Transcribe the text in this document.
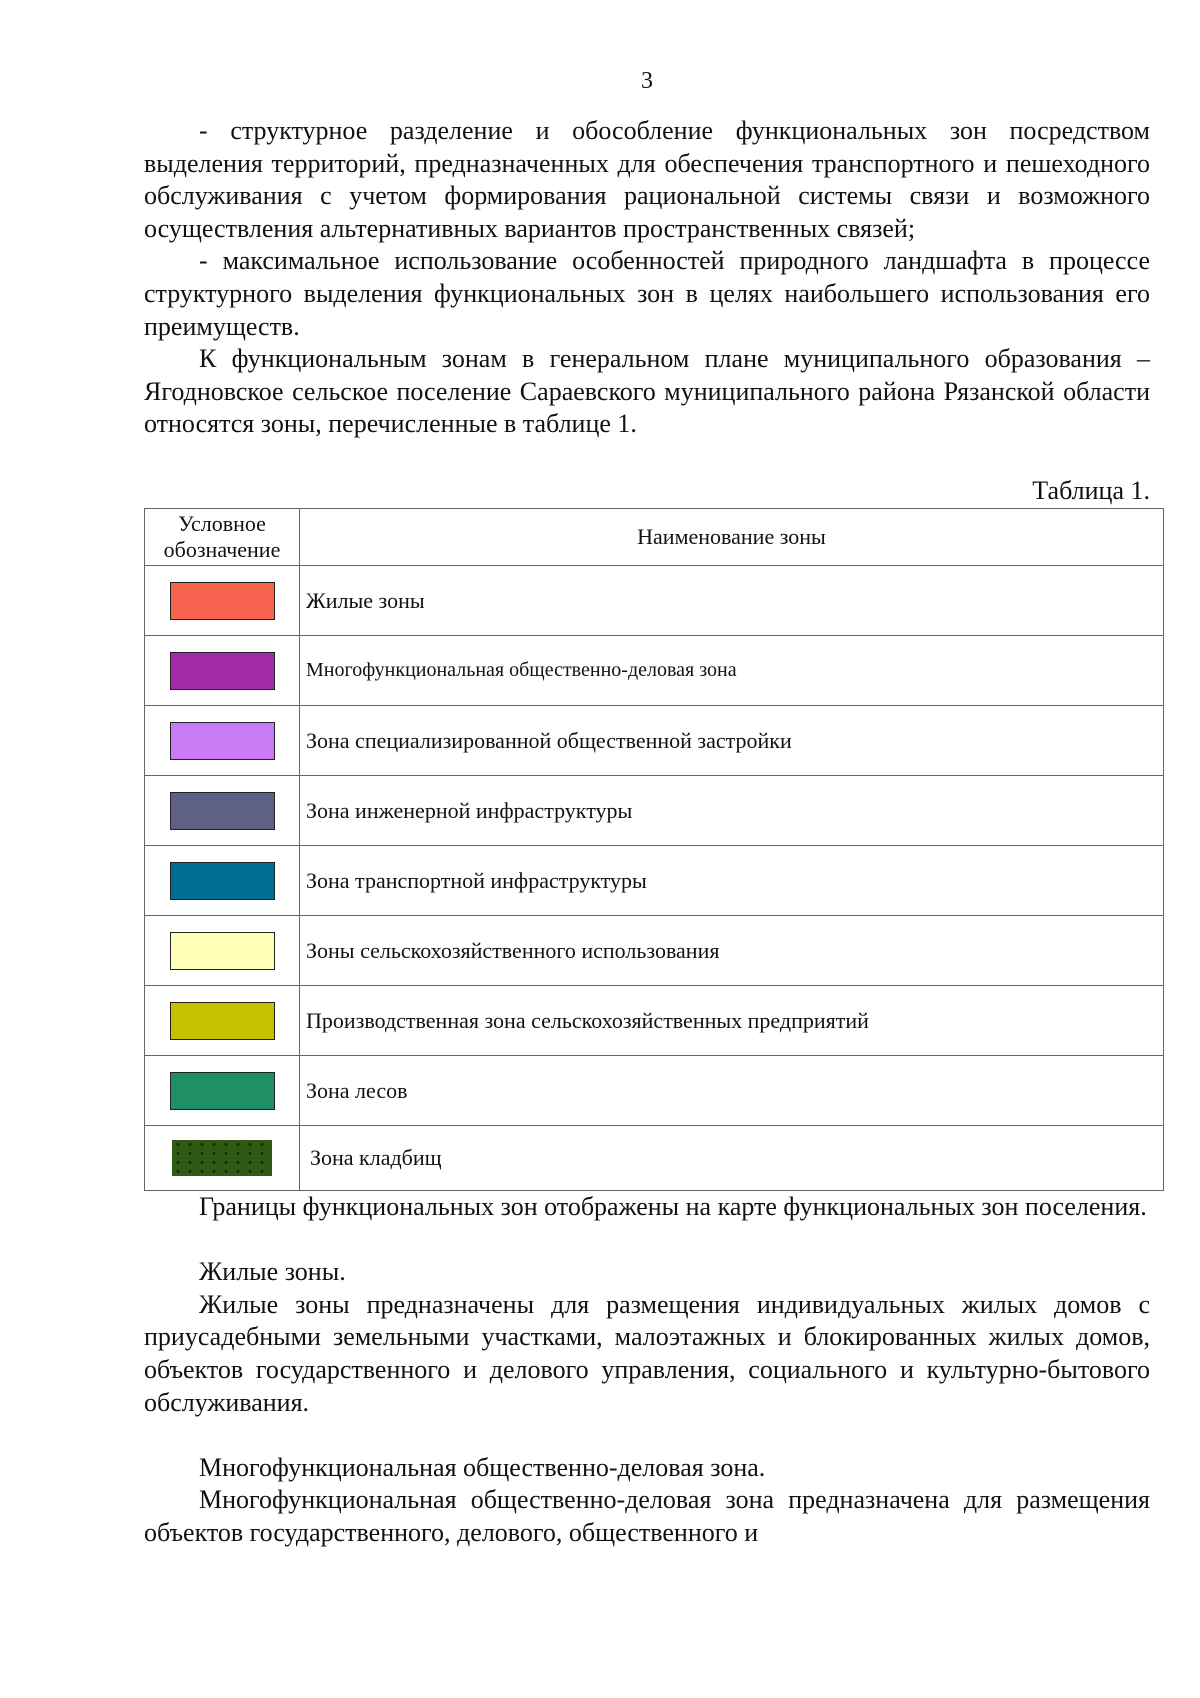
3

- структурное разделение и обособление функциональных зон посредством выделения территорий, предназначенных для обеспечения транспортного и пешеходного обслуживания с учетом формирования рациональной системы связи и возможного осуществления альтернативных вариантов пространственных связей;

- максимальное использование особенностей природного ландшафта в процессе структурного выделения функциональных зон в целях наибольшего использования его преимуществ.

К функциональным зонам в генеральном плане муниципального образования – Ягодновское сельское поселение Сараевского муниципального района Рязанской области относятся зоны, перечисленные в таблице 1.

Таблица 1.
Условное
обозначение	Наименование зоны
	Жилые зоны
	Многофункциональная общественно-деловая зона
	Зона специализированной общественной застройки
	Зона инженерной инфраструктуры
	Зона транспортной инфраструктуры
	Зоны сельскохозяйственного использования
	Производственная зона сельскохозяйственных предприятий
	Зона лесов
	Зона кладбищ

Границы функциональных зон отображены на карте функциональных зон поселения.

Жилые зоны.

Жилые зоны предназначены для размещения индивидуальных жилых домов с приусадебными земельными участками, малоэтажных и блокированных жилых домов, объектов государственного и делового управления, социального и культурно-бытового обслуживания.

Многофункциональная общественно-деловая зона.

Многофункциональная общественно-деловая зона предназначена для размещения объектов государственного, делового, общественного и
